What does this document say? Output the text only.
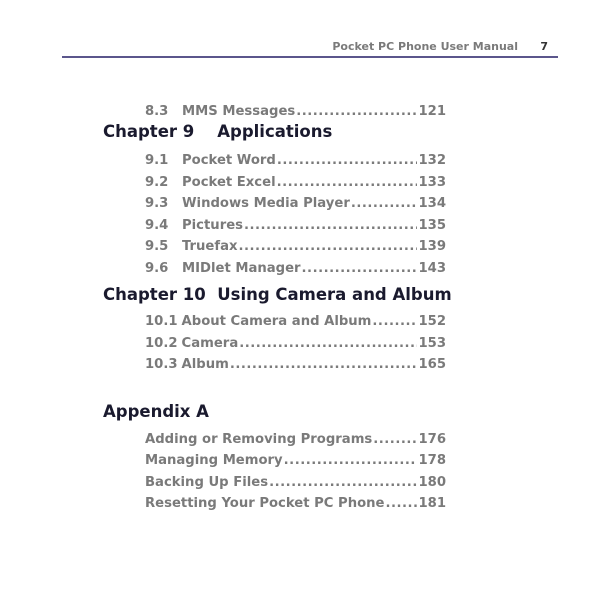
Pocket PC Phone User Manual 7
8.3	MMS Messages .....	121
Chapter 9 Applications
9.1	Pocket Word .....	132
9.2	Pocket Excel .....	133
9.3	Windows Media Player .....	134
9.4	Pictures .....	135
9.5	Truefax .....	139
9.6	MIDlet Manager .....	143
Chapter 10 Using Camera and Album
10.1 About Camera and Album .....	152
10.2 Camera .....	153
10.3 Album .....	165
Appendix A
Adding or Removing Programs .....	176
Managing Memory .....	178
Backing Up Files .....	180
Resetting Your Pocket PC Phone .....	181
